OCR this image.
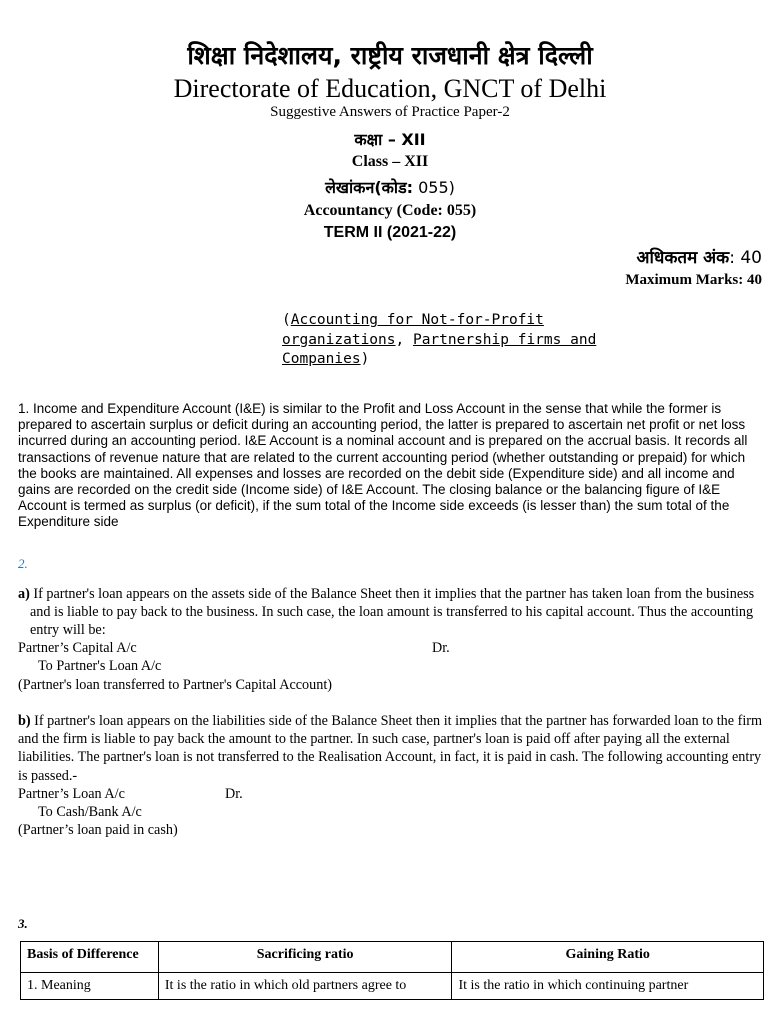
शिक्षा निदेशालय, राष्ट्रीय राजधानी क्षेत्र दिल्ली
Directorate of Education, GNCT of Delhi
Suggestive Answers of Practice Paper-2
कक्षा – XII
Class – XII
लेखांकन(कोड: 055)
Accountancy (Code: 055)
TERM II (2021-22)
अधिकतम अंक: 40
Maximum Marks: 40
(Accounting for Not-for-Profit organizations, Partnership firms and Companies)
1. Income and Expenditure Account (I&E) is similar to the Profit and Loss Account in the sense that while the former is prepared to ascertain surplus or deficit during an accounting period, the latter is prepared to ascertain net profit or net loss incurred during an accounting period. I&E Account is a nominal account and is prepared on the accrual basis. It records all transactions of revenue nature that are related to the current accounting period (whether outstanding or prepaid) for which the books are maintained. All expenses and losses are recorded on the debit side (Expenditure side) and all income and gains are recorded on the credit side (Income side) of I&E Account. The closing balance or the balancing figure of I&E Account is termed as surplus (or deficit), if the sum total of the Income side exceeds (is lesser than) the sum total of the Expenditure side
2.
a) If partner's loan appears on the assets side of the Balance Sheet then it implies that the partner has taken loan from the business and is liable to pay back to the business. In such case, the loan amount is transferred to his capital account. Thus the accounting entry will be:
Partner’s Capital A/c	Dr.
To Partner's Loan A/c
(Partner's loan transferred to Partner's Capital Account)
b) If partner's loan appears on the liabilities side of the Balance Sheet then it implies that the partner has forwarded loan to the firm and the firm is liable to pay back the amount to the partner. In such case, partner's loan is paid off after paying all the external liabilities. The partner's loan is not transferred to the Realisation Account, in fact, it is paid in cash. The following accounting entry is passed.-
Partner’s Loan A/c	Dr.
To Cash/Bank A/c
(Partner’s loan paid in cash)
3.
Basis of Difference	Sacrificing ratio	Gaining Ratio
1. Meaning	It is the ratio in which old partners agree to	It is the ratio in which continuing partner
